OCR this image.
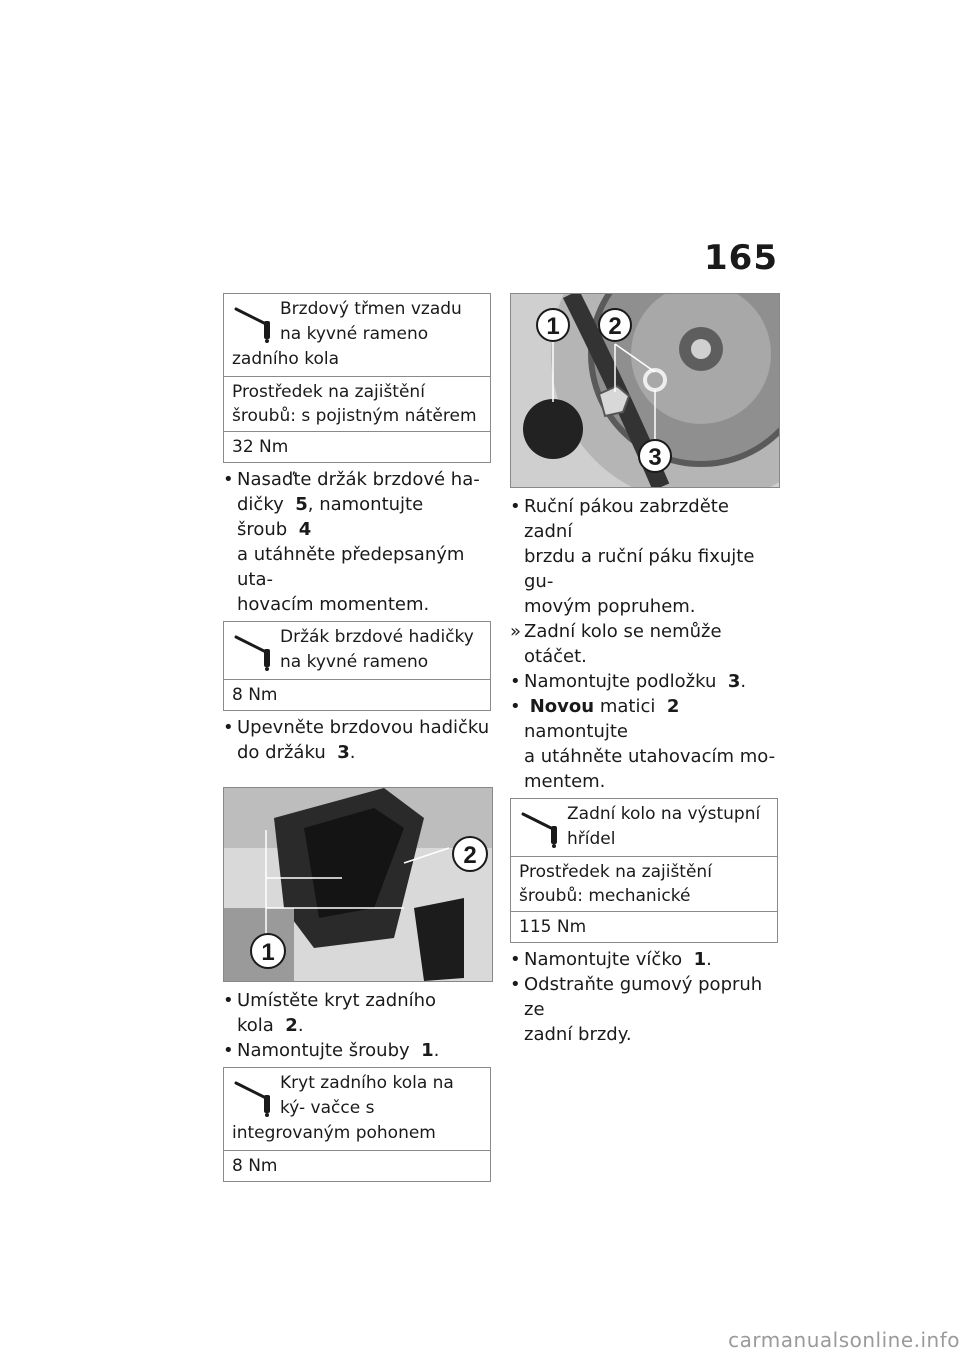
165
Brzdový třmen vzadu na kyvné rameno zadního kola
Prostředek na zajištění šroubů: s pojistným nátěrem
32 Nm
• Nasaďte držák brzdové ha-
dičky 5, namontujte šroub 4
a utáhněte předepsaným uta-
hovacím momentem.
Držák brzdové hadičky na kyvné rameno
8 Nm
• Upevněte brzdovou hadičku
do držáku 3.
1
2
• Umístěte kryt zadního kola 2.
• Namontujte šrouby 1.
Kryt zadního kola na ký- vačce s integrovaným pohonem
8 Nm
1 2
3
• Ruční pákou zabrzděte zadní
brzdu a ruční páku fixujte gu-
movým popruhem.
» Zadní kolo se nemůže otáčet.
• Namontujte podložku 3.
• Novou matici 2 namontujte
a utáhněte utahovacím mo-
mentem.
Zadní kolo na výstupní hřídel
Prostředek na zajištění šroubů: mechanické
115 Nm
• Namontujte víčko 1.
• Odstraňte gumový popruh ze
zadní brzdy.
carmanualsonline.info
